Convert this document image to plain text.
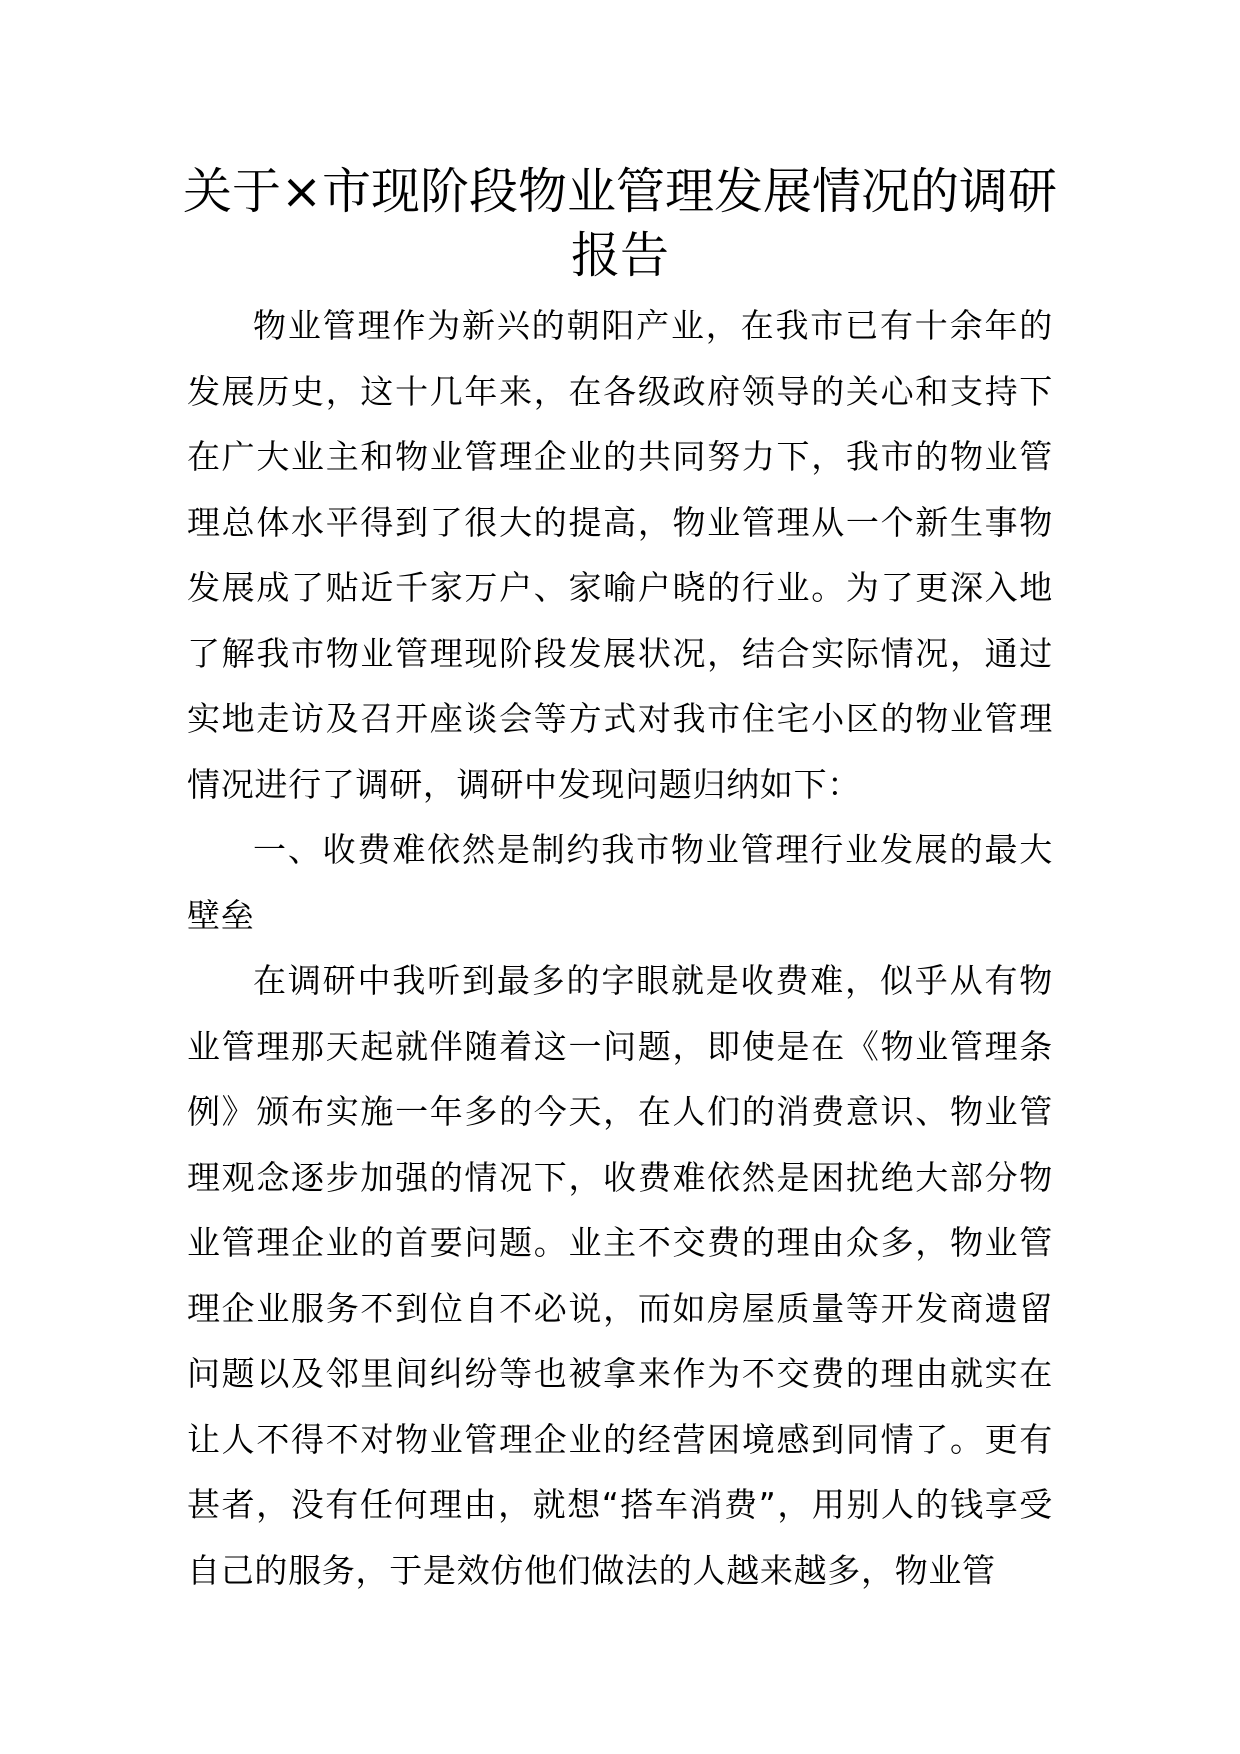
关于×市现阶段物业管理发展情况的调研报告

物业管理作为新兴的朝阳产业，在我市已有十余年的发展历史，这十几年来，在各级政府领导的关心和支持下在广大业主和物业管理企业的共同努力下，我市的物业管理总体水平得到了很大的提高，物业管理从一个新生事物发展成了贴近千家万户、家喻户晓的行业。为了更深入地了解我市物业管理现阶段发展状况，结合实际情况，通过实地走访及召开座谈会等方式对我市住宅小区的物业管理情况进行了调研，调研中发现问题归纳如下：

一、收费难依然是制约我市物业管理行业发展的最大壁垒

在调研中我听到最多的字眼就是收费难，似乎从有物业管理那天起就伴随着这一问题，即使是在《物业管理条例》颁布实施一年多的今天，在人们的消费意识、物业管理观念逐步加强的情况下，收费难依然是困扰绝大部分物业管理企业的首要问题。业主不交费的理由众多，物业管理企业服务不到位自不必说，而如房屋质量等开发商遗留问题以及邻里间纠纷等也被拿来作为不交费的理由就实在让人不得不对物业管理企业的经营困境感到同情了。更有甚者，没有任何理由，就想“搭车消费”，用别人的钱享受自己的服务，于是效仿他们做法的人越来越多，物业管
